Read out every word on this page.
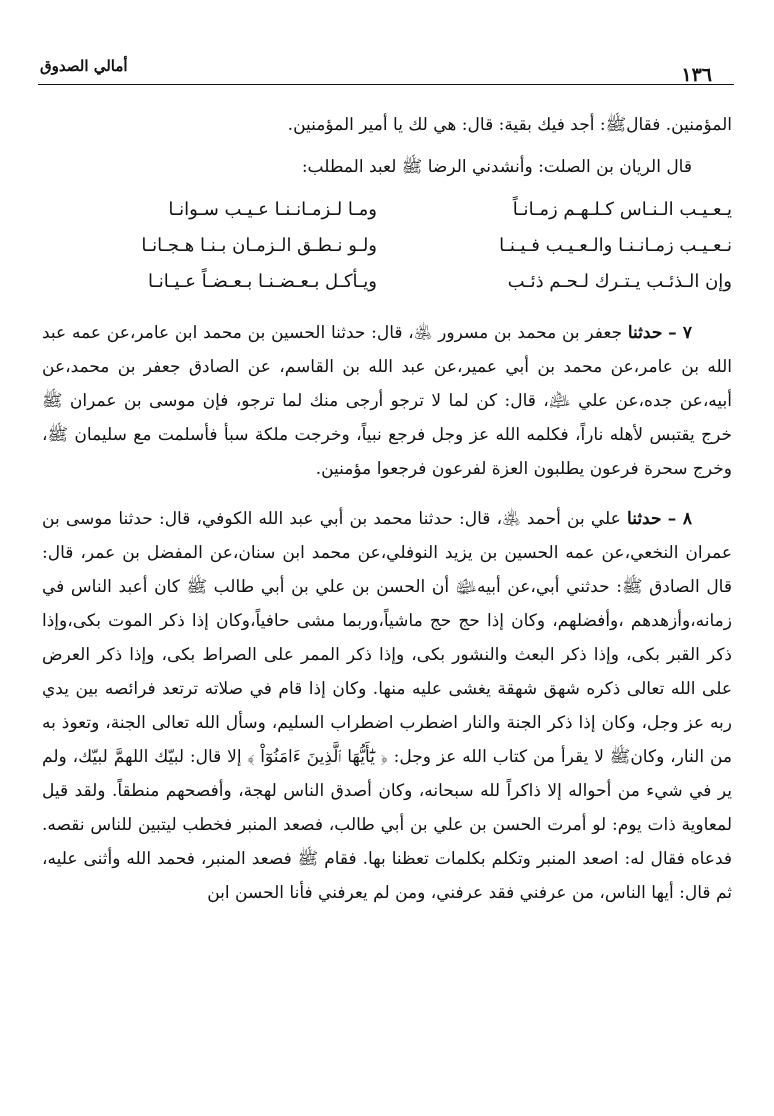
أمالي الصدوق	١٣٦

المؤمنين. فقالﷺ: أجد فيك بقية: قال: هي لك يا أمير المؤمنين.

قال الريان بن الصلت: وأنشدني الرضا ﷺ لعبد المطلب:

يـعـيـب الـنـاس كـلـهـم زمـانـاً
ومـا لـزمـانـنـا عـيـب سـوانـا
نـعـيـب زمـانـنـا والـعـيـب فـيـنـا
ولـو نـطـق الـزمـان بـنـا هـجـانـا
وإن الـذئـب يـتـرك لـحـم ذئـب
ويـأكـل بـعـضـنـا بـعـضـاً عـيـانـا

٧ – حدثنا جعفر بن محمد بن مسرور ﵁، قال: حدثنا الحسين بن محمد ابن عامر،عن عمه عبد الله بن عامر،عن محمد بن أبي عمير،عن عبد الله بن القاسم، عن الصادق جعفر بن محمد،عن أبيه،عن جده،عن علي ﵇، قال: كن لما لا ترجو أرجى منك لما ترجو، فإن موسى بن عمران ﷺ خرج يقتبس لأهله ناراً، فكلمه الله عز وجل فرجع نبياً، وخرجت ملكة سبأ فأسلمت مع سليمان ﷺ، وخرج سحرة فرعون يطلبون العزة لفرعون فرجعوا مؤمنين.

٨ – حدثنا علي بن أحمد ﵁، قال: حدثنا محمد بن أبي عبد الله الكوفي، قال: حدثنا موسى بن عمران النخعي،عن عمه الحسين بن يزيد النوفلي،عن محمد ابن سنان،عن المفضل بن عمر، قال: قال الصادق ﷺ: حدثني أبي،عن أبيه﵉ أن الحسن بن علي بن أبي طالب ﷺ كان أعبد الناس في زمانه،وأزهدهم ،وأفضلهم، وكان إذا حج حج ماشياً،وربما مشى حافياً،وكان إذا ذكر الموت بكى،وإذا ذكر القبر بكى، وإذا ذكر البعث والنشور بكى، وإذا ذكر الممر على الصراط بكى، وإذا ذكر العرض على الله تعالى ذكره شهق شهقة يغشى عليه منها. وكان إذا قام في صلاته ترتعد فرائصه بين يدي ربه عز وجل، وكان إذا ذكر الجنة والنار اضطرب اضطراب السليم، وسأل الله تعالى الجنة، وتعوذ به من النار، وكانﷺ لا يقرأ من كتاب الله عز وجل: ﴿ يَٰٓأَيُّهَا ٱلَّذِينَ ءَامَنُوٓاْ ﴾ إلا قال: لبيّك اللهمَّ لبيّك، ولم ير في شيء من أحواله إلا ذاكراً لله سبحانه، وكان أصدق الناس لهجة، وأفصحهم منطقاً. ولقد قيل لمعاوية ذات يوم: لو أمرت الحسن بن علي بن أبي طالب، فصعد المنبر فخطب ليتبين للناس نقصه. فدعاه فقال له: اصعد المنبر وتكلم بكلمات تعظنا بها. فقام ﷺ فصعد المنبر، فحمد الله وأثنى عليه، ثم قال: أيها الناس، من عرفني فقد عرفني، ومن لم يعرفني فأنا الحسن ابن
